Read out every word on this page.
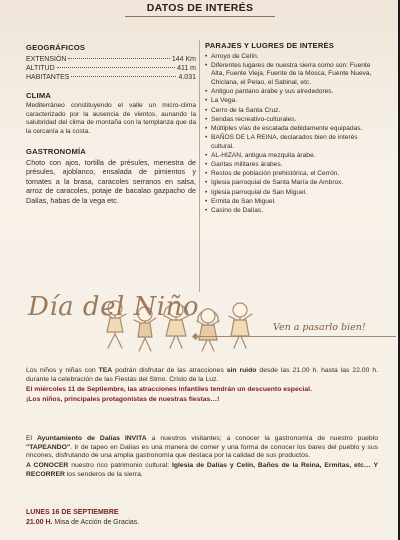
DATOS DE INTERÉS
GEOGRÁFICOS
EXTENSIÓN	144 Km
ALTITUD	411 m
HABITANTES	4.031
CLIMA

Mediterráneo constituyendo el valle un micro-clima caracterizado por la ausencia de vientos, aunando la salubridad del clima de montaña con la templanza que da la cercanía a la costa.

GASTRONOMÍA

Choto con ajos, tortilla de présules, menestra de présules, ajoblanco, ensalada de pimientos y tomates a la brasa, caracoles serranos en salsa, arroz de caracoles, potaje de bacalao gazpacho de Dalías, habas de la vega etc.

PARAJES Y LUGRES DE INTERÉS
• Arroyo de Celín.
• Diferentes lugares de nuestra sierra como son: Fuente Alta, Fuente Vieja, Fuente de la Mosca, Fuente Nueva, Chiclana, el Pelao, el Sabinal, etc.
• Antiguo pantano árabe y sus alrededores.
• La Vega.
• Cerro de la Santa Cruz.
• Sendas recreativo-culturales.
• Múltiples vías de escalada debidamente equipadas.
• BAÑOS DE LA REINA, declarados bien de interés cultural.
• AL-HIZAN, antigua mezquita árabe.
• Garitas militares árabes.
• Restos de población prehistórica, el Cerrón.
• Iglesia parroquial de Santa María de Ambrox.
• Iglesia parroquial de San Miguel.
• Ermita de San Miguel.
• Casino de Dalías.
Día del Niño
Ven a pasarlo bien!

Los niños y niñas con TEA podrán disfrutar de las atracciones sin ruido desde las 21.00 h. hasta las 22.00 h. durante la celebración de las Fiestas del Stmo. Cristo de la Luz.

El miércoles 11 de Septiembre, las atracciones infantiles tendrán un descuento especial.

¡Los niños, principales protagonistas de nuestras fiestas…!

El Ayuntamiento de Dalías INVITA a nuestros visitantes; a conocer la gastronomía de nuestro pueblo "TAPEANDO". Ir de tapeo en Dalías es una manera de comer y una forma de conocer los bares del pueblo y sus rincones, disfrutando de una amplia gastronomía que destaca por la calidad de sus productos.

A CONOCER nuestro rico patrimonio cultural: Iglesia de Dalías y Celín, Baños de la Reina, Ermitas, etc… Y RECORRER los senderos de la sierra.

LUNES 16 DE SEPTIEMBRE
21.00 H. Misa de Acción de Gracias.
